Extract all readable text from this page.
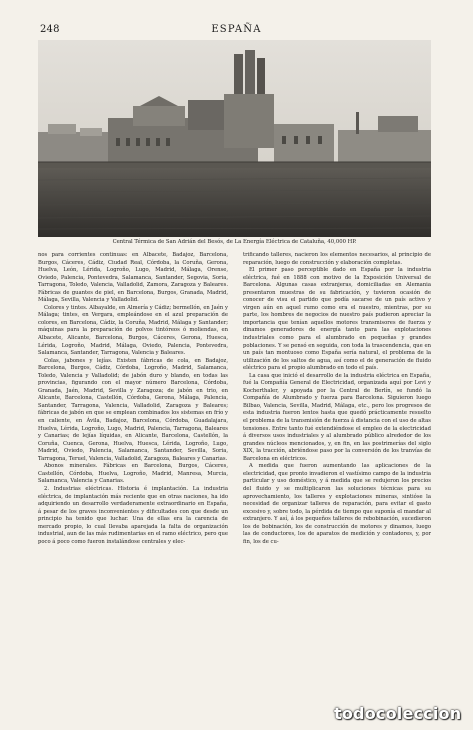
248	ESPAÑA
Central Térmica de San Adrián del Besós, de La Energía Eléctrica de Cataluña, 40,000 HP.

nos para corrientes continuas: en Albacete, Badajoz, Barcelona, Burgos, Cáceres, Cádiz, Ciudad Real, Córdoba, la Coruña, Gerona, Huelva, León, Lérida, Logroño, Lugo, Madrid, Málaga, Orense, Oviedo, Palencia, Pontevedra, Salamanca, Santander, Segovia, Soria, Tarragona, Toledo, Valencia, Valladolid, Zamora, Zaragoza y Baleares. Fábricas de guantes de piel, en Barcelona, Burgos, Granada, Madrid, Málaga, Sevilla, Valencia y Valladolid.

Colores y tintes. Albayalde, en Almería y Cádiz; bermellón, en Jaén y Málaga; tintes, en Vergara, empleándose en el azul preparación de colores, en Barcelona, Cádiz, la Coruña, Madrid, Málaga y Santander; máquinas para la preparación de polvos tintóreos ó moliendas, en Albacete, Alicante, Barcelona, Burgos, Cáceres, Gerona, Huesca, Lérida, Logroño, Madrid, Málaga, Oviedo, Palencia, Pontevedra, Salamanca, Santander, Tarragona, Valencia y Baleares.

Colas, jabones y lejías. Existen fábricas de cola, en Badajoz, Barcelona, Burgos, Cádiz, Córdoba, Logroño, Madrid, Salamanca, Toledo, Valencia y Valladolid; de jabón duro y blando, en todas las provincias, figurando con el mayor número Barcelona, Córdoba, Granada, Jaén, Madrid, Sevilla y Zaragoza; de jabón en trio, en Alicante, Barcelona, Castellón, Córdoba, Gerona, Málaga, Palencia, Santander, Tarragona, Valencia, Valladolid, Zaragoza y Baleares; fábricas de jabón en que se emplean combinados los sistemas en frío y en caliente, en Ávila, Badajoz, Barcelona, Córdoba, Guadalajara, Huelva, Lérida, Logroño, Lugo, Madrid, Palencia, Tarragona, Baleares y Canarias; de lejías líquidas, en Alicante, Barcelona, Castellón, la Coruña, Cuenca, Gerona, Huelva, Huesca, Lérida, Logroño, Lugo, Madrid, Oviedo, Palencia, Salamanca, Santander, Sevilla, Soria, Tarragona, Teruel, Valencia, Valladolid, Zaragoza, Baleares y Canarias.

Abonos minerales. Fábricas en Barcelona, Burgos, Cáceres, Castellón, Córdoba, Huelva, Logroño, Madrid, Manresa, Murcia, Salamanca, Valencia y Canarias.

2. Industrias eléctricas. Historia é implantación. La industria eléctrica, de implantación más reciente que en otras naciones, ha ido adquiriendo un desarrollo verdaderamente extraordinario en España, á pesar de los graves inconvenientes y dificultades con que desde un principio ha tenido que luchar. Una de ellas era la carencia de mercado propio, lo cual llevaba aparejada la falta de organización industrial, aun de las más rudimentarias en el ramo eléctrico, pero que poco á poco como fueron instalándose centrales y elec-

trificando talleres, nacieron los elementos necesarios, al principio de reparación, luego de construcción y elaboración completas.

El primer paso perceptible dado en España por la industria eléctrica, fué en 1888 con motivo de la Exposición Universal de Barcelona. Algunas casas extranjeras, domiciliadas en Alemania presentaron muestras de su fabricación, y tuvieron ocasión de conocer de visu el partido que podía sacarse de un país activo y virgen aún en aquel rumo como era el nuestro, mientras, por su parte, los hombres de negocios de nuestro país pudieron apreciar la importancia que tenían aquellos motores transmisores de fuerza y dinamos generadores de energía tanto para las explotaciones industriales como para el alumbrado en pequeñas y grandes poblaciones. Y se pensó en seguida, con toda la trascendencia, que en un país tan montuoso como España sería natural, el problema de la utilización de los saltos de agua, así como el de generación de fluido eléctrico para el propio alumbrado en todo el país.

La casa que inició el desarrollo de la industria eléctrica en España, fué la Compañía General de Electricidad, organizada aquí por Levi y Kocherthaler, y apoyada por la Central de Berlín, se fundó la Compañía de Alumbrado y fuerza para Barcelona. Siguieron luego Bilbao, Valencia, Sevilla, Madrid, Málaga, etc., pero los progresos de esta industria fueron lentos hasta que quedó prácticamente resuelto el problema de la transmisión de fuerza á distancia con el uso de altas tensiones. Entre tanto fué extendiéndose el empleo de la electricidad á diversos usos industriales y al alumbrado público alrededor de los grandes núcleos mencionados, y, en fin, en las postrimerías del siglo XIX, la tracción, abriéndose paso por la conversión de los tranvías de Barcelona en eléctricos.

A medida que fueron aumentando las aplicaciones de la electricidad, que pronto invadieron el vastísimo campo de la industria particular y uso doméstico, y á medida que se redujeron los precios del fluido y se multiplicaron las soluciones técnicas para su aprovechamiento, los talleres y explotaciones mineras, sintióse la necesidad de organizar talleres de reparación, para evitar el gasto excesivo y, sobre todo, la pérdida de tiempo que suponía el mandar al extranjero. Y así, á los pequeños talleres de rebobinación, sucedieron los de bobinación, los de construcción de motores y dinamos, luego las de conductores, los de aparatos de medición y contadores, y, por fin, los de cu-

todocoleccion
